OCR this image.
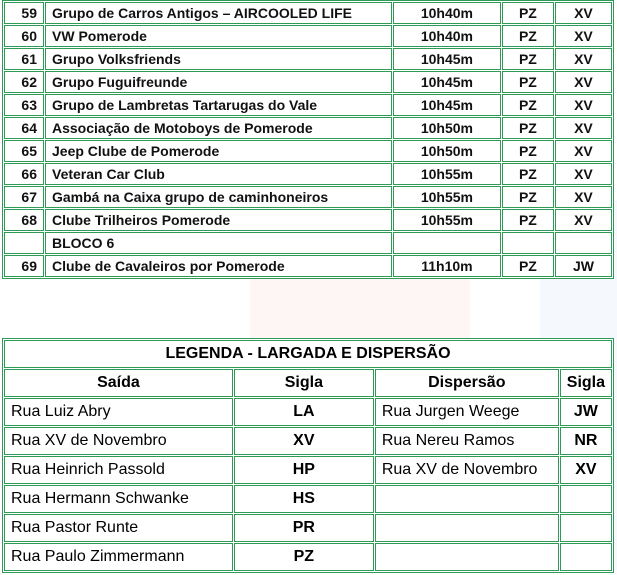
59	Grupo de Carros Antigos – AIRCOOLED LIFE	10h40m	PZ	XV
60	VW Pomerode	10h40m	PZ	XV
61	Grupo Volksfriends	10h45m	PZ	XV
62	Grupo Fuguifreunde	10h45m	PZ	XV
63	Grupo de Lambretas Tartarugas do Vale	10h45m	PZ	XV
64	Associação de Motoboys de Pomerode	10h50m	PZ	XV
65	Jeep Clube de Pomerode	10h50m	PZ	XV
66	Veteran Car Club	10h55m	PZ	XV
67	Gambá na Caixa grupo de caminhoneiros	10h55m	PZ	XV
68	Clube Trilheiros Pomerode	10h55m	PZ	XV
	BLOCO 6			
69	Clube de Cavaleiros por Pomerode	11h10m	PZ	JW
LEGENDA - LARGADA E DISPERSÃO			
Saída	Sigla	Dispersão	Sigla
Rua Luiz Abry	LA	Rua Jurgen Weege	JW
Rua XV de Novembro	XV	Rua Nereu Ramos	NR
Rua Heinrich Passold	HP	Rua XV de Novembro	XV
Rua Hermann Schwanke	HS		
Rua Pastor Runte	PR		
Rua Paulo Zimmermann	PZ		
